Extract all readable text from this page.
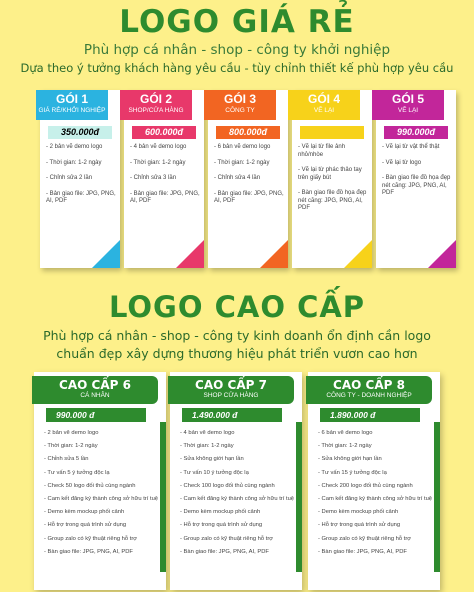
LOGO GIÁ RẺ
Phù hợp cá nhân - shop - công ty khởi nghiệp
Dựa theo ý tưởng khách hàng yêu cầu - tùy chỉnh thiết kế phù hợp yêu cầu
GÓI 1
GIÁ RẺ/KHỞI NGHIỆP
350.000đ
- 2 bản vẽ demo logo
- Thời gian: 1-2 ngày
- Chỉnh sửa 2 lần
- Bản giao file: JPG, PNG, AI, PDF
GÓI 2
SHOP/CỬA HÀNG
600.000đ
- 4 bản vẽ demo logo
- Thời gian: 1-2 ngày
- Chỉnh sửa 3 lần
- Bản giao file: JPG, PNG, AI, PDF
GÓI 3
CÔNG TY
800.000đ
- 6 bản vẽ demo logo
- Thời gian: 1-2 ngày
- Chỉnh sửa 4 lần
- Bản giao file: JPG, PNG, AI, PDF
GÓI 4
VẼ LẠI
- Vẽ lại từ file ảnh nhỏ/nhòe
- Vẽ lại từ phác thảo tay trên giấy bút
- Bàn giao file đồ họa đẹp nét căng: JPG, PNG, AI, PDF
GÓI 5
VẼ LẠI
990.000đ
- Vẽ lại từ vật thể thật
- Vẽ lại từ logo
- Bàn giao file đồ họa đẹp nét căng: JPG, PNG, AI, PDF
LOGO CAO CẤP
Phù hợp cá nhân - shop - công ty kinh doanh ổn định cần logo
chuẩn đẹp xây dựng thương hiệu phát triển vươn cao hơn
CAO CẤP 6
CÁ NHÂN
990.000 đ
- 2 bản vẽ demo logo
- Thời gian: 1-2 ngày
- Chỉnh sửa 5 lần
- Tư vấn 5 ý tưởng độc lạ
- Check 50 logo đối thủ cùng ngành
- Cam kết đăng ký thành công sở hữu trí tuệ
- Demo kèm mockup phối cảnh
- Hỗ trợ trong quá trình sử dụng
- Group zalo có kỹ thuật riêng hỗ trợ
- Bàn giao file: JPG, PNG, AI, PDF
CAO CẤP 7
SHOP CỬA HÀNG
1.490.000 đ
- 4 bản vẽ demo logo
- Thời gian: 1-2 ngày
- Sửa không giới hạn lần
- Tư vấn 10 ý tưởng độc lạ
- Check 100 logo đối thủ cùng ngành
- Cam kết đăng ký thành công sở hữu trí tuệ
- Demo kèm mockup phối cảnh
- Hỗ trợ trong quá trình sử dụng
- Group zalo có kỹ thuật riêng hỗ trợ
- Bàn giao file: JPG, PNG, AI, PDF
CAO CẤP 8
CÔNG TY - DOANH NGHIỆP
1.890.000 đ
- 6 bản vẽ demo logo
- Thời gian: 1-2 ngày
- Sửa không giới hạn lần
- Tư vấn 15 ý tưởng độc lạ
- Check 200 logo đối thủ cùng ngành
- Cam kết đăng ký thành công sở hữu trí tuệ
- Demo kèm mockup phối cảnh
- Hỗ trợ trong quá trình sử dụng
- Group zalo có kỹ thuật riêng hỗ trợ
- Bàn giao file: JPG, PNG, AI, PDF
